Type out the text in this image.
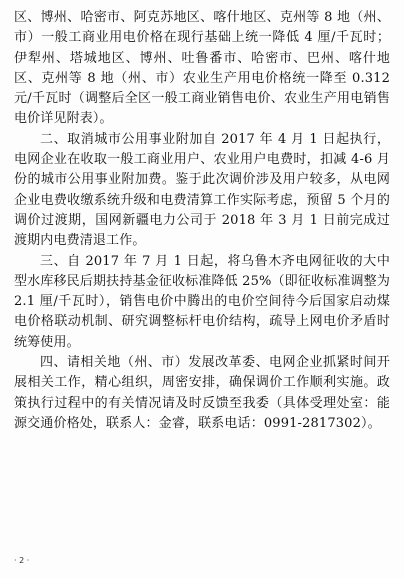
区、博州、哈密市、阿克苏地区、喀什地区、克州等 8 地（州、市）一般工商业用电价格在现行基础上统一降低 4 厘/千瓦时；伊犁州、塔城地区、博州、吐鲁番市、哈密市、巴州、喀什地区、克州等 8 地（州、市）农业生产用电价格统一降至 0.312 元/千瓦时（调整后全区一般工商业销售电价、农业生产用电销售电价详见附表）。

二、取消城市公用事业附加自 2017 年 4 月 1 日起执行，电网企业在收取一般工商业用户、农业用户电费时，扣减 4-6 月份的城市公用事业附加费。鉴于此次调价涉及用户较多，从电网企业电费收缴系统升级和电费清算工作实际考虑，预留 5 个月的调价过渡期，国网新疆电力公司于 2018 年 3 月 1 日前完成过渡期内电费清退工作。

三、自 2017 年 7 月 1 日起，将乌鲁木齐电网征收的大中型水库移民后期扶持基金征收标准降低 25%（即征收标准调整为 2.1 厘/千瓦时），销售电价中腾出的电价空间待今后国家启动煤电价格联动机制、研究调整标杆电价结构，疏导上网电价矛盾时统筹使用。

四、请相关地（州、市）发展改革委、电网企业抓紧时间开展相关工作，精心组织，周密安排，确保调价工作顺利实施。政策执行过程中的有关情况请及时反馈至我委（具体受理处室：能源交通价格处，联系人：金睿，联系电话：0991-2817302）。

· 2 ·
